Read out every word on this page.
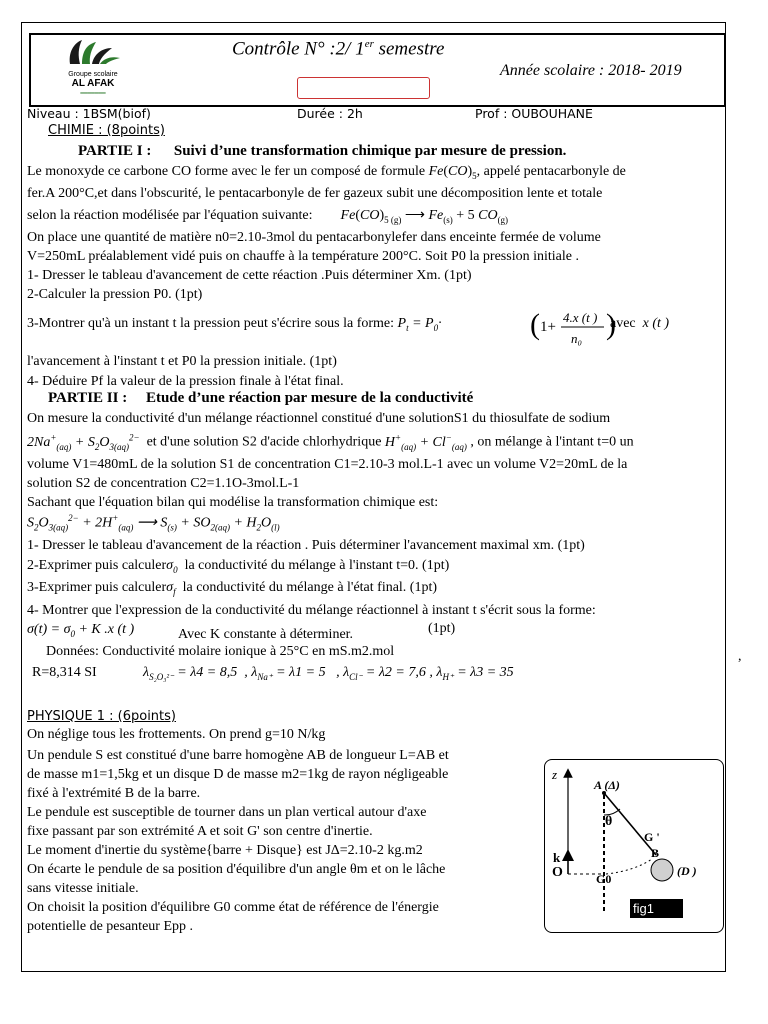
Groupe scolaire
AL AFAK
━━━━━━━
Contrôle N° :2/ 1er semestre
Année scolaire : 2018- 2019
Niveau : 1BSM(biof)	Durée : 2h	Prof : OUBOUHANE
CHIMIE : (8points)
PARTIE I : Suivi d’une transformation chimique par mesure de pression.
Le monoxyde ce carbone CO forme avec le fer un composé de formule $Fe(CO)_5$, appelé pentacarbonyle de
fer.A 200°C,et dans l'obscurité, le pentacarbonyle de fer gazeux subit une décomposition lente et totale
selon la réaction modélisée par l'équation suivante: $Fe(CO)_{5 (g)}$ ⟶ $Fe_{(s)} + 5$ $CO_{(g)}$
On place une quantité de matière n0=2.10-3mol du pentacarbonylefer dans enceinte fermée de volume
V=250mL préalablement vidé puis on chauffe à la température 200°C. Soit P0 la pression initiale .
1- Dresser le tableau d'avancement de cette réaction .Puis déterminer Xm. (1pt)
2-Calculer la pression P0. (1pt)
3-Montrer qu'à un instant t la pression peut s'écrire sous la forme: $P_t = P_0\cdot$	( 1+
4.x (t )
n₀ )
avec x (t )
l'avancement à l'instant t et P0 la pression initiale. (1pt)
4- Déduire Pf la valeur de la pression finale à l'état final.
PARTIE II : Etude d’une réaction par mesure de la conductivité
On mesure la conductivité d'un mélange réactionnel constitué d'une solutionS1 du thiosulfate de sodium
$2Na^+_{(aq)} + S_2O_{3(aq)}^{2-}$ et d'une solution S2 d'acide chlorhydrique $H^+_{(aq)} + Cl^-_{(aq)}$ , on mélange à l'intant t=0 un
volume V1=480mL de la solution S1 de concentration C1=2.10-3 mol.L-1 avec un volume V2=20mL de la
solution S2 de concentration C2=1.1O-3mol.L-1
Sachant que l'équation bilan qui modélise la transformation chimique est:
$S_2O_{3(aq)}^{2-} + 2H^+_{(aq)}$ ⟶ $S_{(s)} + SO_{2(aq)} + H_2O_{(l)}$
1- Dresser le tableau d'avancement de la réaction . Puis déterminer l'avancement maximal xm. (1pt)
2-Exprimer puis calculerσ$_0$ la conductivité du mélange à l'instant t=0. (1pt)
3-Exprimer puis calculerσ$_f$ la conductivité du mélange à l'état final. (1pt)
4- Montrer que l'expression de la conductivité du mélange réactionnel à instant t s'écrit sous la forme:
$\sigma(t) = \sigma_0 + K$ .x (t )	Avec K constante à déterminer.	(1pt)
Données: Conductivité molaire ionique à 25°C en mS.m2.mol	,
R=8,314 SI	$\lambda_{S_2O_3^{2-}} = \lambda 4 = 8,5$  , $\lambda_{Na^+} = \lambda 1 = 5$   , $\lambda_{Cl^-} = \lambda 2 = 7,6$ , $\lambda_{H^+} = \lambda 3 = 35$
PHYSIQUE 1 : (6points)
On néglige tous les frottements. On prend g=10 N/kg
Un pendule S est constitué d'une barre homogène AB de longueur L=AB et
de masse m1=1,5kg et un disque D de masse m2=1kg de rayon négligeable
fixé à l'extrémité B de la barre.
Le pendule est susceptible de tourner dans un plan vertical autour d'axe
fixe passant par son extrémité A et soit G' son centre d'inertie.
Le moment d'inertie du système{barre + Disque} est JΔ=2.10-2 kg.m2
On écarte le pendule de sa position d'équilibre d'un angle θm et on le lâche
sans vitesse initiale.
On choisit la position d'équilibre G0 comme état de référence de l'énergie
potentielle de pesanteur Epp .
z
k
O
A (Δ)
θ
G '
B
(D )
G0
fig1
